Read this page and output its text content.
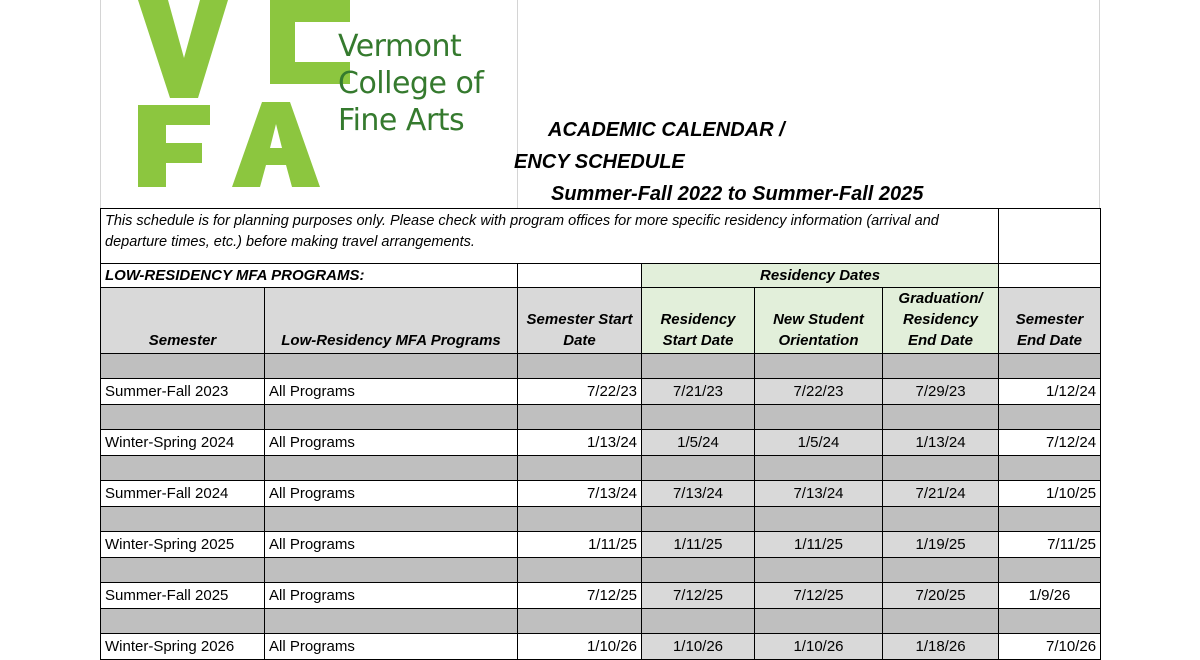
Vermont
College of
Fine Arts	ACADEMIC CALENDAR /
ENCY SCHEDULE
Summer-Fall 2022 to Summer-Fall 2025
This schedule is for planning purposes only. Please check with program offices for more specific residency information (arrival and departure times, etc.) before making travel arrangements.						
LOW-RESIDENCY MFA PROGRAMS:			Residency Dates			
Semester	Low-Residency MFA Programs	Semester Start Date	Residency Start Date	New Student Orientation	Graduation/ Residency End Date	Semester End Date

Summer-Fall 2023	All Programs	7/22/23	7/21/23	7/22/23	7/29/23	1/12/24

Winter-Spring 2024	All Programs	1/13/24	1/5/24	1/5/24	1/13/24	7/12/24

Summer-Fall 2024	All Programs	7/13/24	7/13/24	7/13/24	7/21/24	1/10/25

Winter-Spring 2025	All Programs	1/11/25	1/11/25	1/11/25	1/19/25	7/11/25

Summer-Fall 2025	All Programs	7/12/25	7/12/25	7/12/25	7/20/25	1/9/26

Winter-Spring 2026	All Programs	1/10/26	1/10/26	1/10/26	1/18/26	7/10/26
